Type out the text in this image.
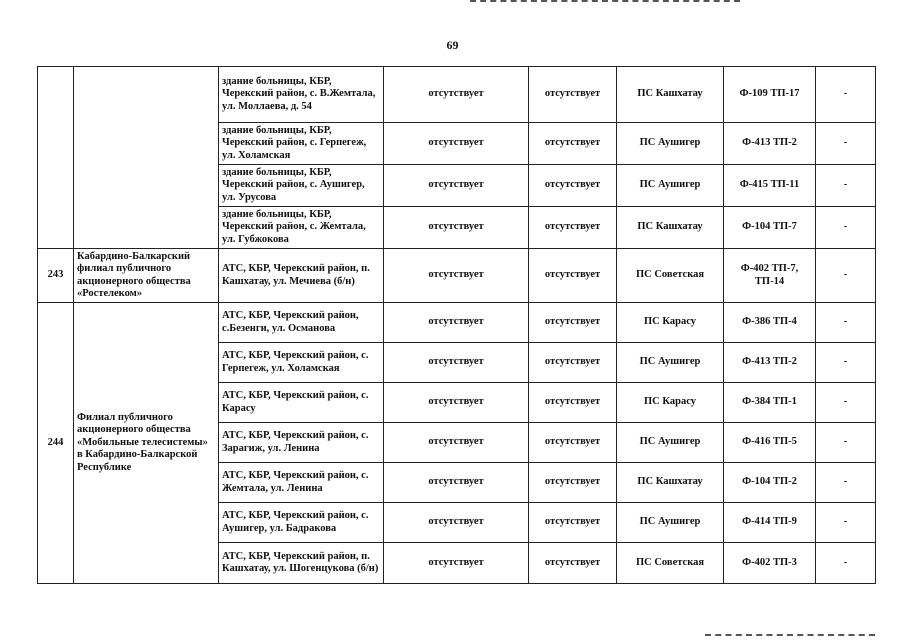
69
		здание больницы, КБР, Черекский район, с. В.Жемтала, ул. Моллаева, д. 54	отсутствует	отсутствует	ПС Кашхатау	Ф-109 ТП-17	-
		здание больницы, КБР, Черекский район, с. Герпегеж, ул. Холамская	отсутствует	отсутствует	ПС Аушигер	Ф-413 ТП-2	-
		здание больницы, КБР, Черекский район, с. Аушигер, ул. Урусова	отсутствует	отсутствует	ПС Аушигер	Ф-415 ТП-11	-
		здание больницы, КБР, Черекский район, с. Жемтала, ул. Губжокова	отсутствует	отсутствует	ПС Кашхатау	Ф-104 ТП-7	-
243	Кабардино-Балкарский филиал публичного акционерного общества «Ростелеком»	АТС, КБР, Черекский район, п. Кашхатау, ул. Мечиева (б/н)	отсутствует	отсутствует	ПС Советская	Ф-402 ТП-7, ТП-14	-
244	Филиал публичного акционерного общества «Мобильные телесистемы» в Кабардино-Балкарской Республике	АТС, КБР, Черекский район, с.Безенги, ул. Османова	отсутствует	отсутствует	ПС Карасу	Ф-386 ТП-4	-
		АТС, КБР, Черекский район, с. Герпегеж, ул. Холамская	отсутствует	отсутствует	ПС Аушигер	Ф-413 ТП-2	-
		АТС, КБР, Черекский район, с. Карасу	отсутствует	отсутствует	ПС Карасу	Ф-384 ТП-1	-
		АТС, КБР, Черекский район, с. Зарагиж, ул. Ленина	отсутствует	отсутствует	ПС Аушигер	Ф-416 ТП-5	-
		АТС, КБР, Черекский район, с. Жемтала, ул. Ленина	отсутствует	отсутствует	ПС Кашхатау	Ф-104 ТП-2	-
		АТС, КБР, Черекский район, с. Аушигер, ул. Бадракова	отсутствует	отсутствует	ПС Аушигер	Ф-414 ТП-9	-
		АТС, КБР, Черекский район, п. Кашхатау, ул. Шогенцукова (б/н)	отсутствует	отсутствует	ПС Советская	Ф-402 ТП-3	-
